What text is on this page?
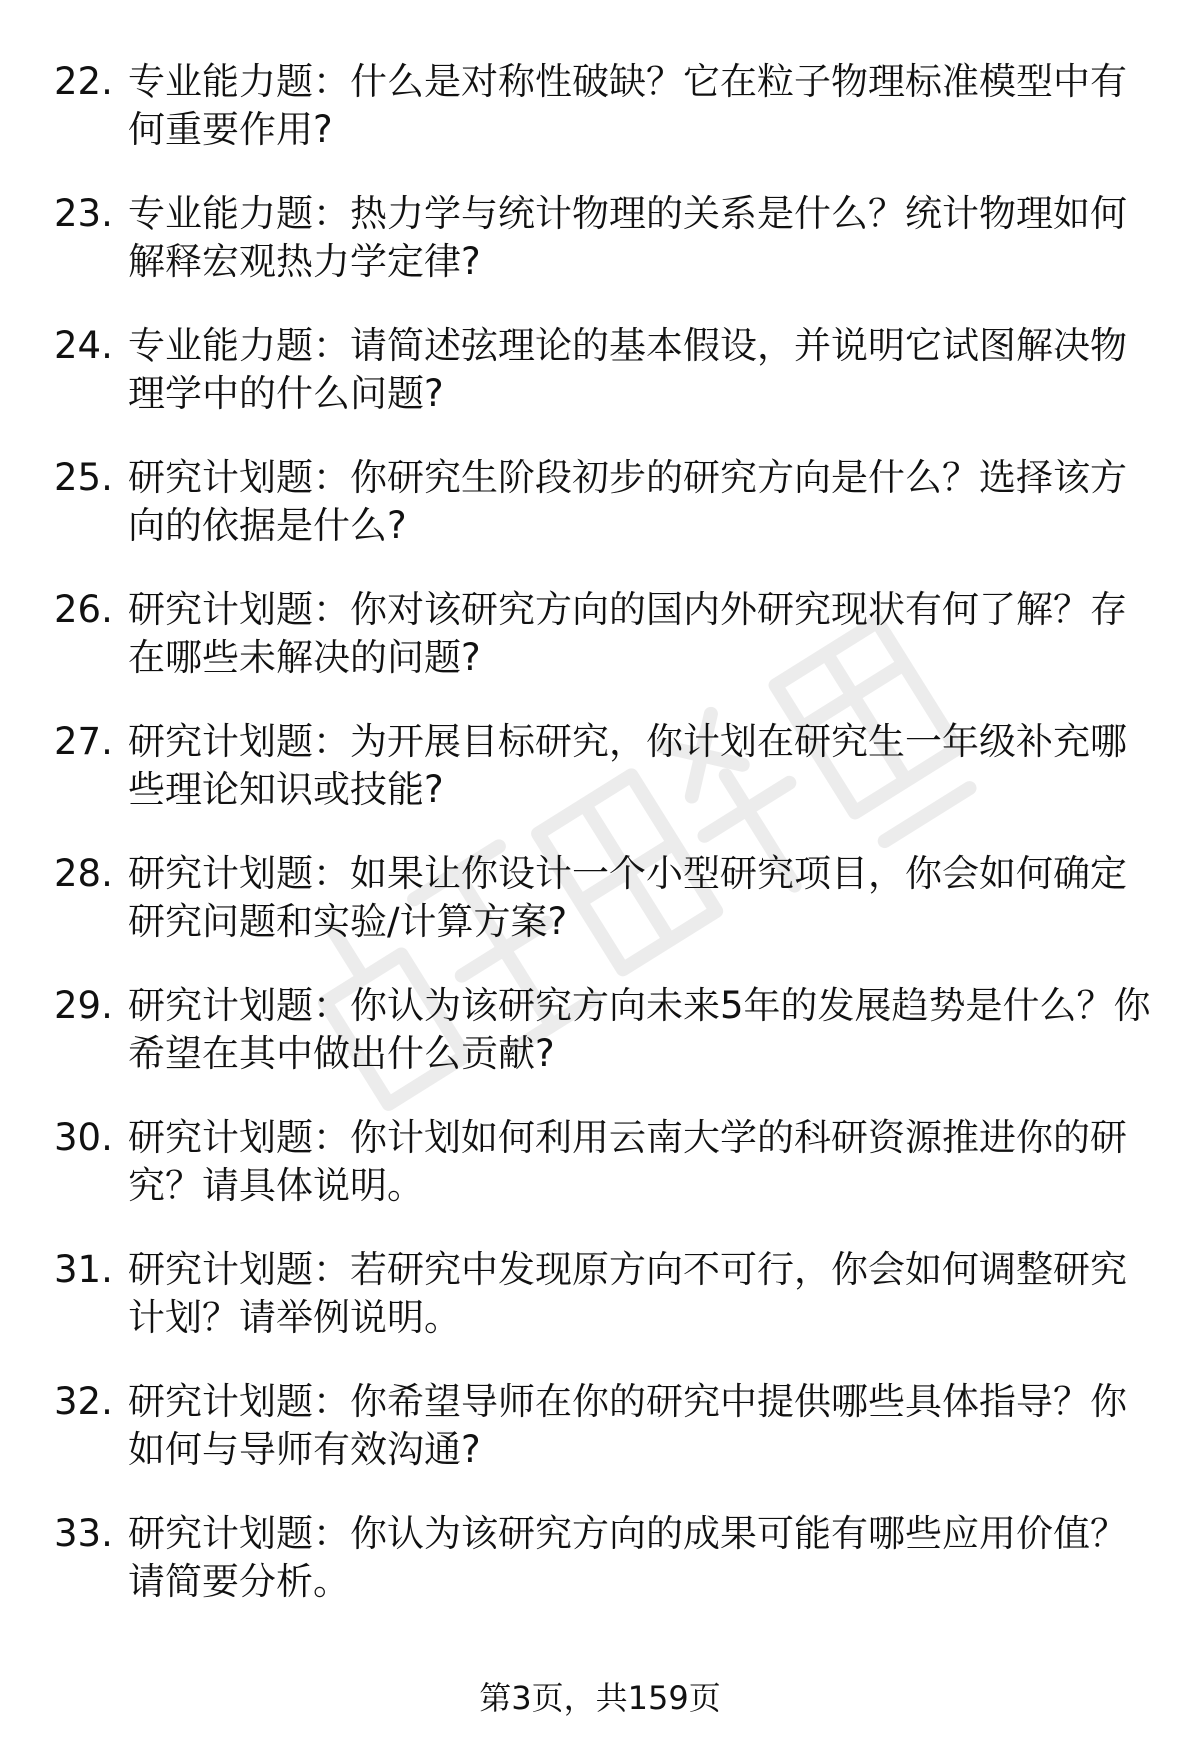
22. 专业能力题：什么是对称性破缺？它在粒子物理标准模型中有何重要作用?
23. 专业能力题：热力学与统计物理的关系是什么？统计物理如何解释宏观热力学定律?
24. 专业能力题：请简述弦理论的基本假设，并说明它试图解决物理学中的什么问题?
25. 研究计划题：你研究生阶段初步的研究方向是什么？选择该方向的依据是什么?
26. 研究计划题：你对该研究方向的国内外研究现状有何了解？存在哪些未解决的问题?
27. 研究计划题：为开展目标研究，你计划在研究生一年级补充哪些理论知识或技能?
28. 研究计划题：如果让你设计一个小型研究项目，你会如何确定研究问题和实验/计算方案?
29. 研究计划题：你认为该研究方向未来5年的发展趋势是什么？你希望在其中做出什么贡献?
30. 研究计划题：你计划如何利用云南大学的科研资源推进你的研究？请具体说明。
31. 研究计划题：若研究中发现原方向不可行，你会如何调整研究计划？请举例说明。
32. 研究计划题：你希望导师在你的研究中提供哪些具体指导？你如何与导师有效沟通?
33. 研究计划题：你认为该研究方向的成果可能有哪些应用价值？请简要分析。
第3页，共159页
